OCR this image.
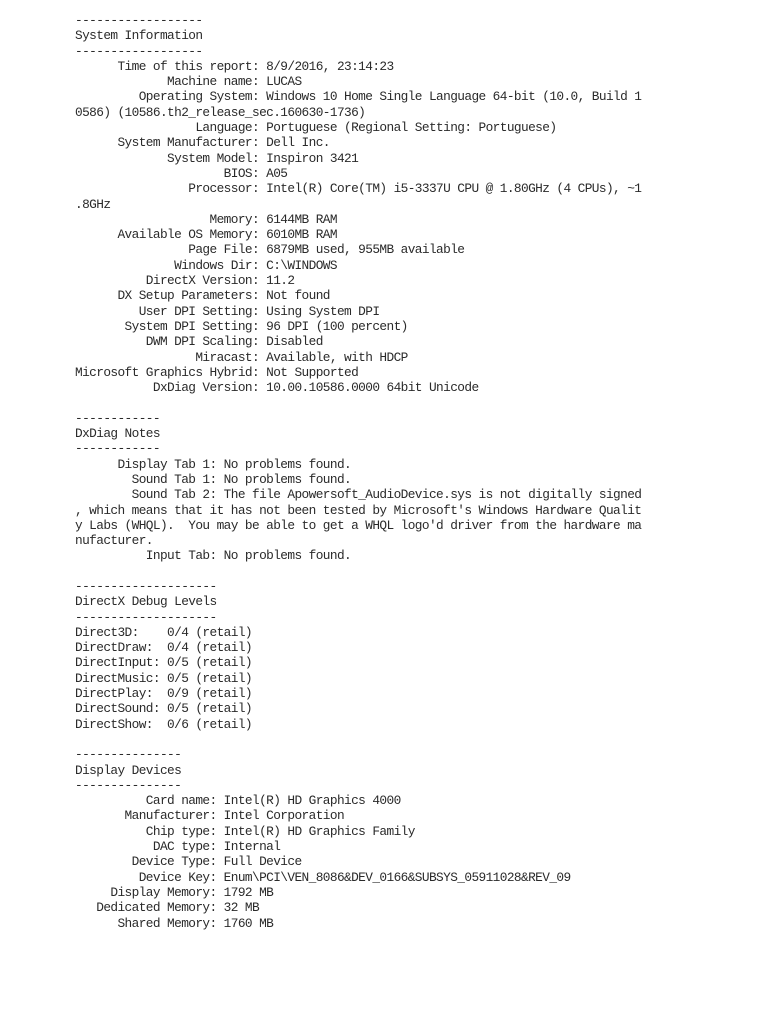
------------------
System Information
------------------
Time of this report: 8/9/2016, 23:14:23
Machine name: LUCAS
Operating System: Windows 10 Home Single Language 64-bit (10.0, Build 1
0586) (10586.th2_release_sec.160630-1736)
Language: Portuguese (Regional Setting: Portuguese)
System Manufacturer: Dell Inc.
System Model: Inspiron 3421
BIOS: A05
Processor: Intel(R) Core(TM) i5-3337U CPU @ 1.80GHz (4 CPUs), ~1
.8GHz
Memory: 6144MB RAM
Available OS Memory: 6010MB RAM
Page File: 6879MB used, 955MB available
Windows Dir: C:\WINDOWS
DirectX Version: 11.2
DX Setup Parameters: Not found
User DPI Setting: Using System DPI
System DPI Setting: 96 DPI (100 percent)
DWM DPI Scaling: Disabled
Miracast: Available, with HDCP
Microsoft Graphics Hybrid: Not Supported
DxDiag Version: 10.00.10586.0000 64bit Unicode
------------
DxDiag Notes
------------
Display Tab 1: No problems found.
Sound Tab 1: No problems found.
Sound Tab 2: The file Apowersoft_AudioDevice.sys is not digitally signed
, which means that it has not been tested by Microsoft's Windows Hardware Qualit
y Labs (WHQL).  You may be able to get a WHQL logo'd driver from the hardware ma
nufacturer.
Input Tab: No problems found.
--------------------
DirectX Debug Levels
--------------------
Direct3D:    0/4 (retail)
DirectDraw:  0/4 (retail)
DirectInput: 0/5 (retail)
DirectMusic: 0/5 (retail)
DirectPlay:  0/9 (retail)
DirectSound: 0/5 (retail)
DirectShow:  0/6 (retail)
---------------
Display Devices
---------------
Card name: Intel(R) HD Graphics 4000
Manufacturer: Intel Corporation
Chip type: Intel(R) HD Graphics Family
DAC type: Internal
Device Type: Full Device
Device Key: Enum\PCI\VEN_8086&DEV_0166&SUBSYS_05911028&REV_09
Display Memory: 1792 MB
Dedicated Memory: 32 MB
Shared Memory: 1760 MB
